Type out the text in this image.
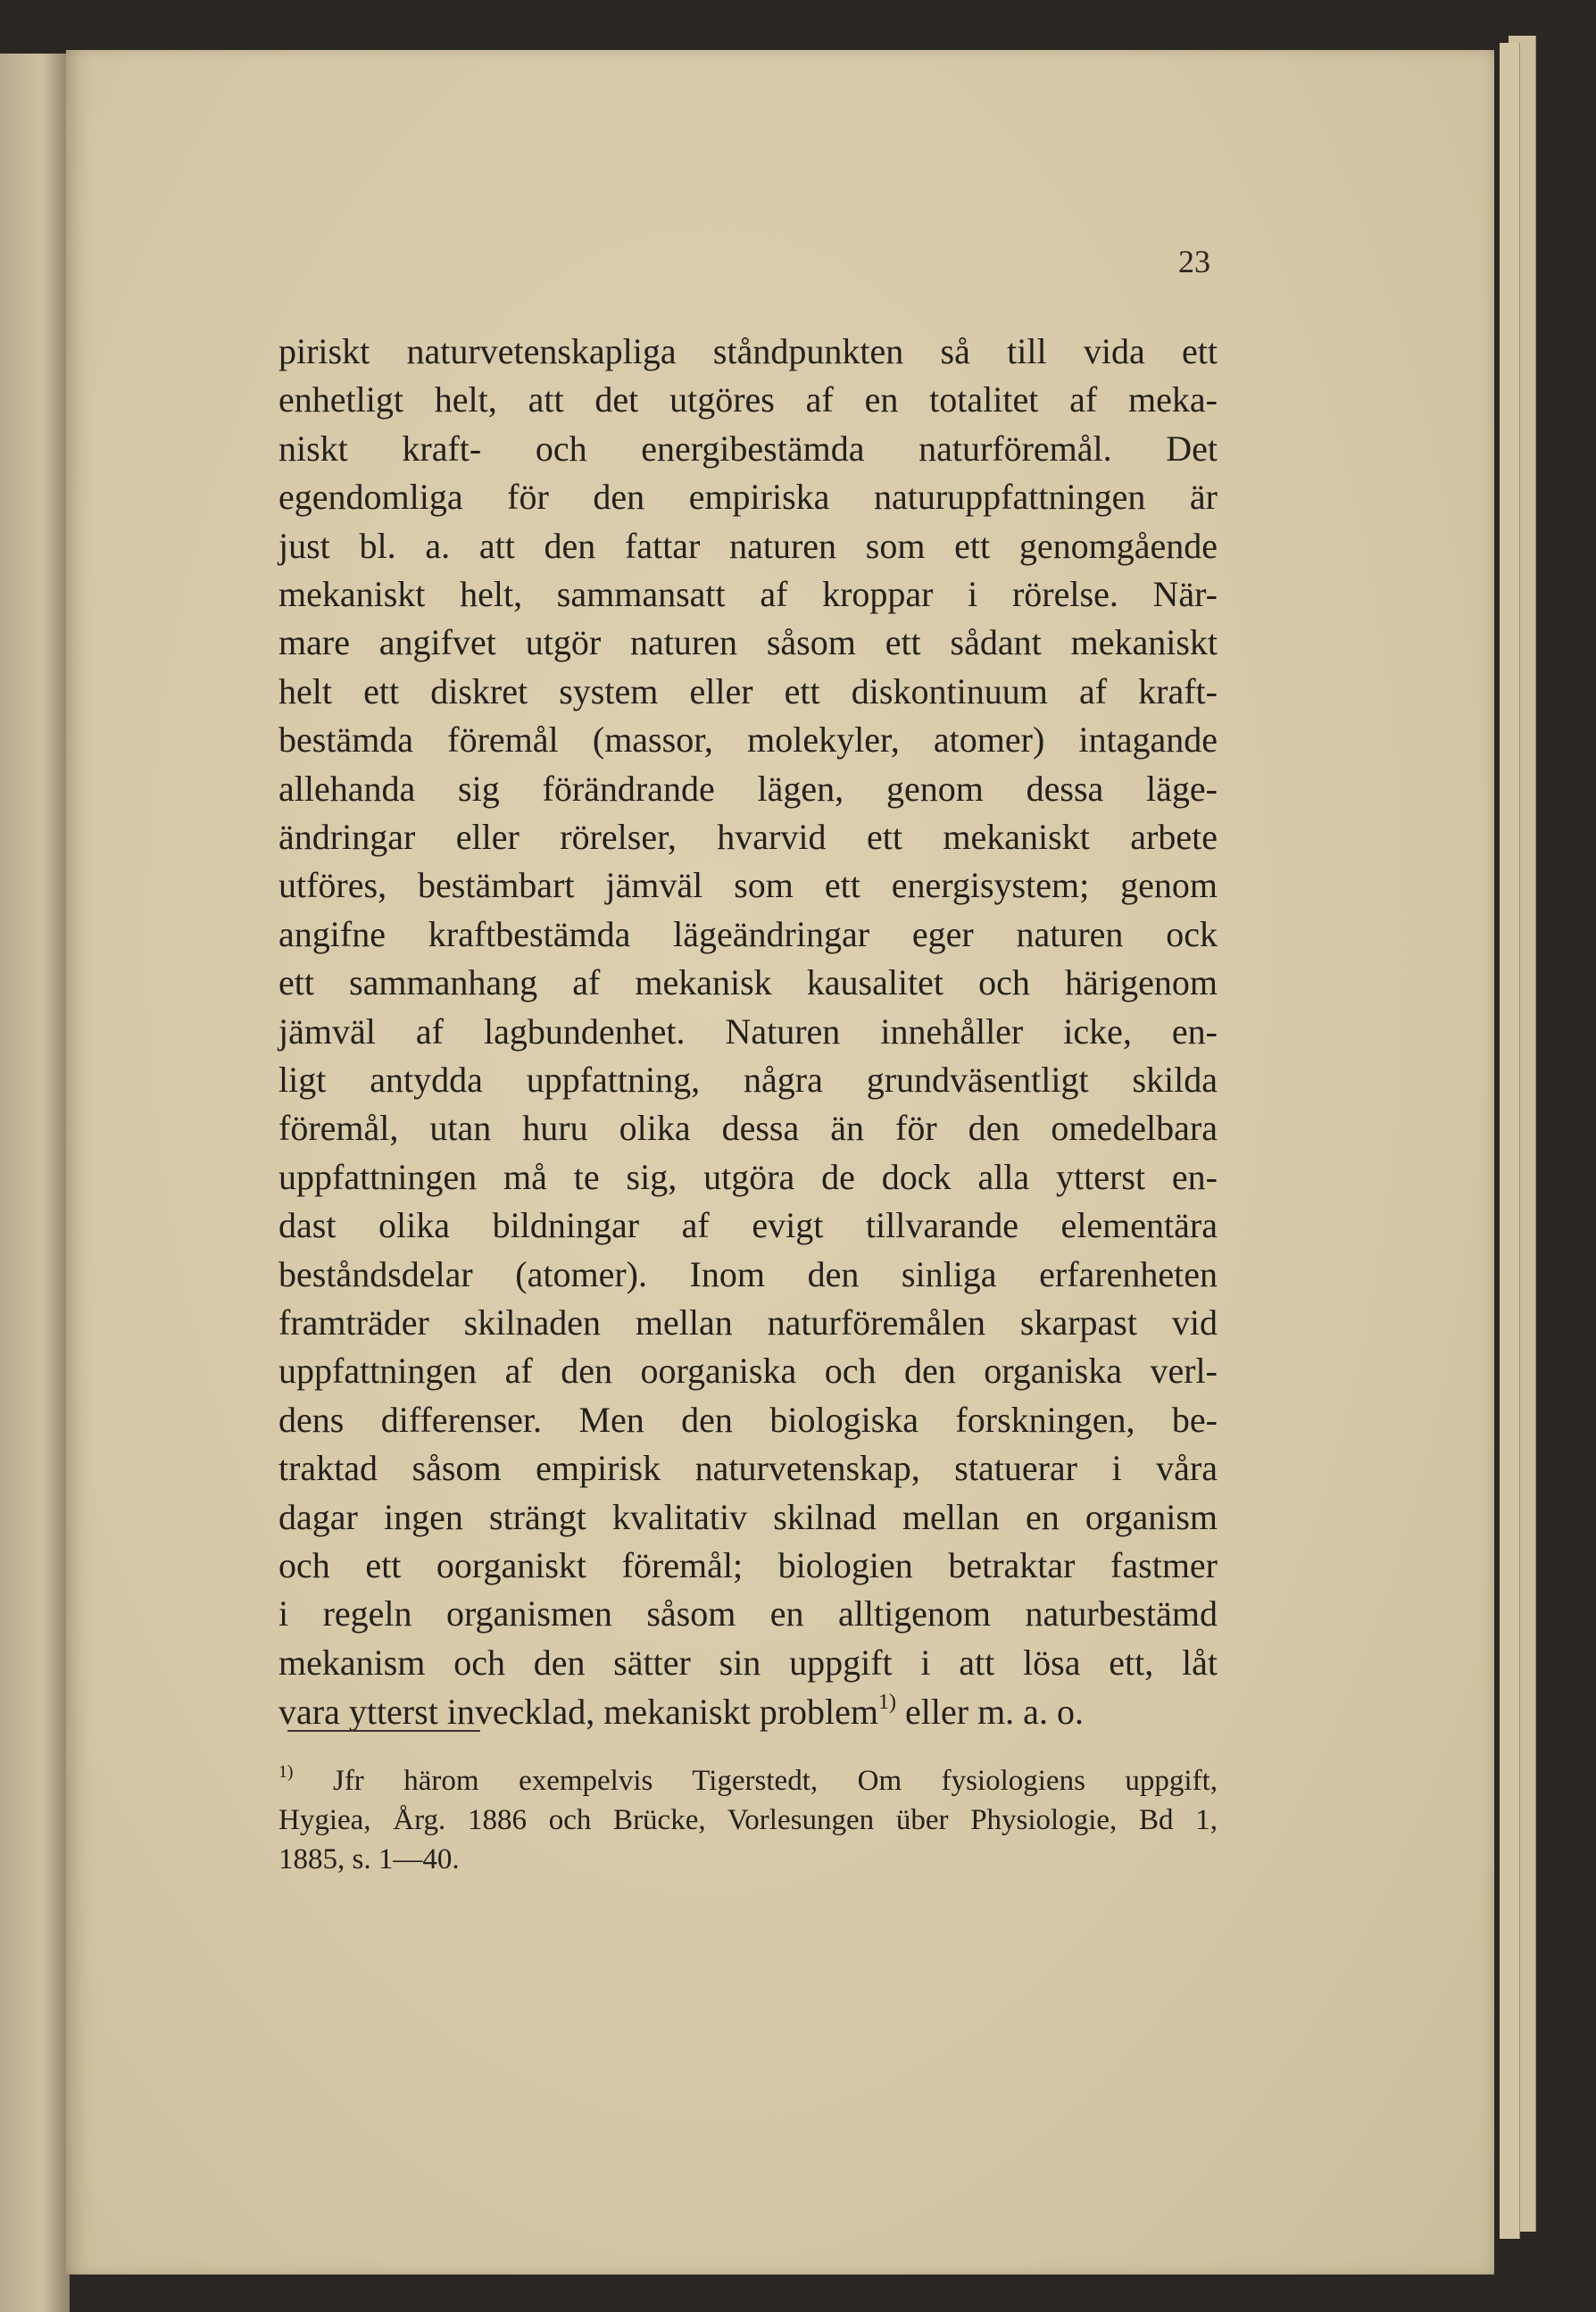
23
piriskt naturvetenskapliga ståndpunkten så till vida ett
enhetligt helt, att det utgöres af en totalitet af meka-
niskt kraft- och energibestämda naturföremål. Det
egendomliga för den empiriska naturuppfattningen är
just bl. a. att den fattar naturen som ett genomgående
mekaniskt helt, sammansatt af kroppar i rörelse. När-
mare angifvet utgör naturen såsom ett sådant mekaniskt
helt ett diskret system eller ett diskontinuum af kraft-
bestämda föremål (massor, molekyler, atomer) intagande
allehanda sig förändrande lägen, genom dessa läge-
ändringar eller rörelser, hvarvid ett mekaniskt arbete
utföres, bestämbart jämväl som ett energisystem; genom
angifne kraftbestämda lägeändringar eger naturen ock
ett sammanhang af mekanisk kausalitet och härigenom
jämväl af lagbundenhet. Naturen innehåller icke, en-
ligt antydda uppfattning, några grundväsentligt skilda
föremål, utan huru olika dessa än för den omedelbara
uppfattningen må te sig, utgöra de dock alla ytterst en-
dast olika bildningar af evigt tillvarande elementära
beståndsdelar (atomer). Inom den sinliga erfarenheten
framträder skilnaden mellan naturföremålen skarpast vid
uppfattningen af den oorganiska och den organiska verl-
dens differenser. Men den biologiska forskningen, be-
traktad såsom empirisk naturvetenskap, statuerar i våra
dagar ingen strängt kvalitativ skilnad mellan en organism
och ett oorganiskt föremål; biologien betraktar fastmer
i regeln organismen såsom en alltigenom naturbestämd
mekanism och den sätter sin uppgift i att lösa ett, låt
vara ytterst invecklad, mekaniskt problem$^{1)}$ eller m. a. o.
$^{1)}$ Jfr härom exempelvis Tigerstedt, Om fysiologiens uppgift,
Hygiea, Årg. 1886 och Brücke, Vorlesungen über Physiologie, Bd 1,
1885, s. 1—40.
